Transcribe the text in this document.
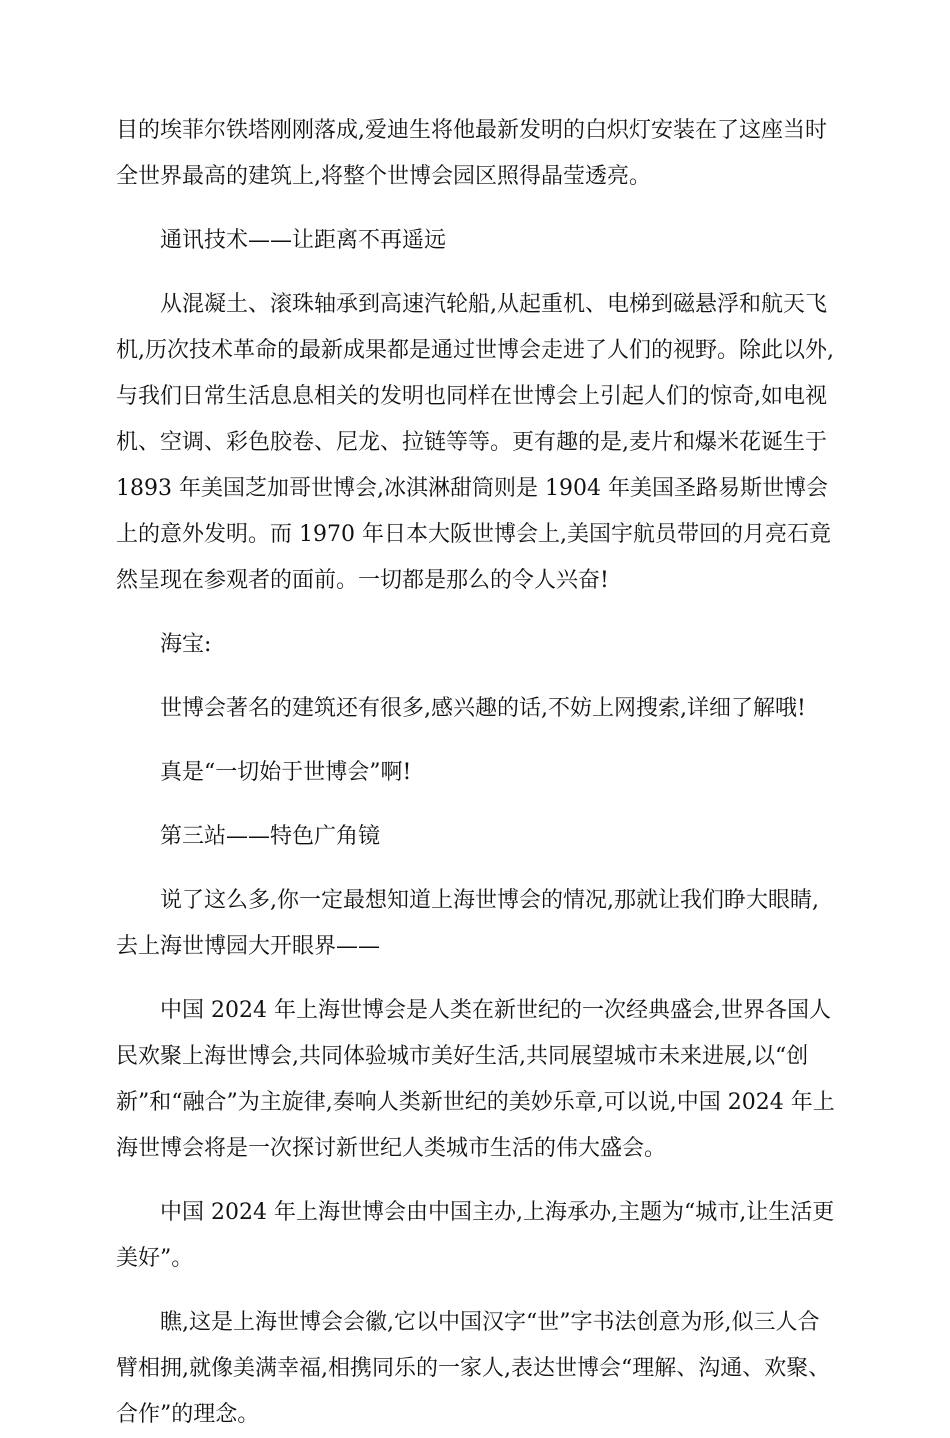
目的埃菲尔铁塔刚刚落成,爱迪生将他最新发明的白炽灯安装在了这座当时全世界最高的建筑上,将整个世博会园区照得晶莹透亮。

　　通讯技术——让距离不再遥远

　　从混凝土、滚珠轴承到高速汽轮船,从起重机、电梯到磁悬浮和航天飞机,历次技术革命的最新成果都是通过世博会走进了人们的视野。除此以外,与我们日常生活息息相关的发明也同样在世博会上引起人们的惊奇,如电视机、空调、彩色胶卷、尼龙、拉链等等。更有趣的是,麦片和爆米花诞生于 1893 年美国芝加哥世博会,冰淇淋甜筒则是 1904 年美国圣路易斯世博会上的意外发明。而 1970 年日本大阪世博会上,美国宇航员带回的月亮石竟然呈现在参观者的面前。一切都是那么的令人兴奋!

　　海宝:

　　世博会著名的建筑还有很多,感兴趣的话,不妨上网搜索,详细了解哦!

　　真是“一切始于世博会”啊!

　　第三站——特色广角镜

　　说了这么多,你一定最想知道上海世博会的情况,那就让我们睁大眼睛,去上海世博园大开眼界——

　　中国 2024 年上海世博会是人类在新世纪的一次经典盛会,世界各国人民欢聚上海世博会,共同体验城市美好生活,共同展望城市未来进展,以“创新”和“融合”为主旋律,奏响人类新世纪的美妙乐章,可以说,中国 2024 年上海世博会将是一次探讨新世纪人类城市生活的伟大盛会。

　　中国 2024 年上海世博会由中国主办,上海承办,主题为“城市,让生活更美好”。

　　瞧,这是上海世博会会徽,它以中国汉字“世”字书法创意为形,似三人合臂相拥,就像美满幸福,相携同乐的一家人,表达世博会“理解、沟通、欢聚、合作”的理念。
